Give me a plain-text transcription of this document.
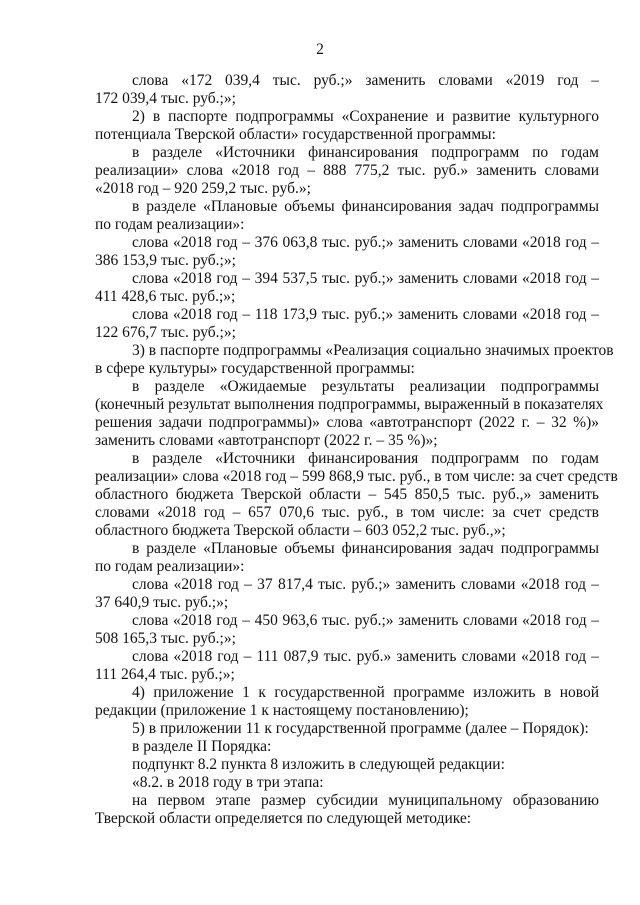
2
слова «172 039,4 тыс. руб.;» заменить словами «2019 год –
172 039,4 тыс. руб.;»;
2) в паспорте подпрограммы «Сохранение и развитие культурного
потенциала Тверской области» государственной программы:
в разделе «Источники финансирования подпрограмм по годам
реализации» слова «2018 год – 888 775,2 тыс. руб.» заменить словами
«2018 год – 920 259,2 тыс. руб.»;
в разделе «Плановые объемы финансирования задач подпрограммы
по годам реализации»:
слова «2018 год – 376 063,8 тыс. руб.;» заменить словами «2018 год –
386 153,9 тыс. руб.;»;
слова «2018 год – 394 537,5 тыс. руб.;» заменить словами «2018 год –
411 428,6 тыс. руб.;»;
слова «2018 год – 118 173,9 тыс. руб.;» заменить словами «2018 год –
122 676,7 тыс. руб.;»;
3) в паспорте подпрограммы «Реализация социально значимых проектов
в сфере культуры» государственной программы:
в разделе «Ожидаемые результаты реализации подпрограммы
(конечный результат выполнения подпрограммы, выраженный в показателях
решения задачи подпрограммы)» слова «автотранспорт (2022 г. – 32 %)»
заменить словами «автотранспорт (2022 г. – 35 %)»;
в разделе «Источники финансирования подпрограмм по годам
реализации» слова «2018 год – 599 868,9 тыс. руб., в том числе: за счет средств
областного бюджета Тверской области – 545 850,5 тыс. руб.,» заменить
словами «2018 год – 657 070,6 тыс. руб., в том числе: за счет средств
областного бюджета Тверской области – 603 052,2 тыс. руб.,»;
в разделе «Плановые объемы финансирования задач подпрограммы
по годам реализации»:
слова «2018 год – 37 817,4 тыс. руб.;» заменить словами «2018 год –
37 640,9 тыс. руб.;»;
слова «2018 год – 450 963,6 тыс. руб.;» заменить словами «2018 год –
508 165,3 тыс. руб.;»;
слова «2018 год – 111 087,9 тыс. руб.» заменить словами «2018 год –
111 264,4 тыс. руб.;»;
4) приложение 1 к государственной программе изложить в новой
редакции (приложение 1 к настоящему постановлению);
5) в приложении 11 к государственной программе (далее – Порядок):
в разделе II Порядка:
подпункт 8.2 пункта 8 изложить в следующей редакции:
«8.2. в 2018 году в три этапа:
на первом этапе размер субсидии муниципальному образованию
Тверской области определяется по следующей методике:
